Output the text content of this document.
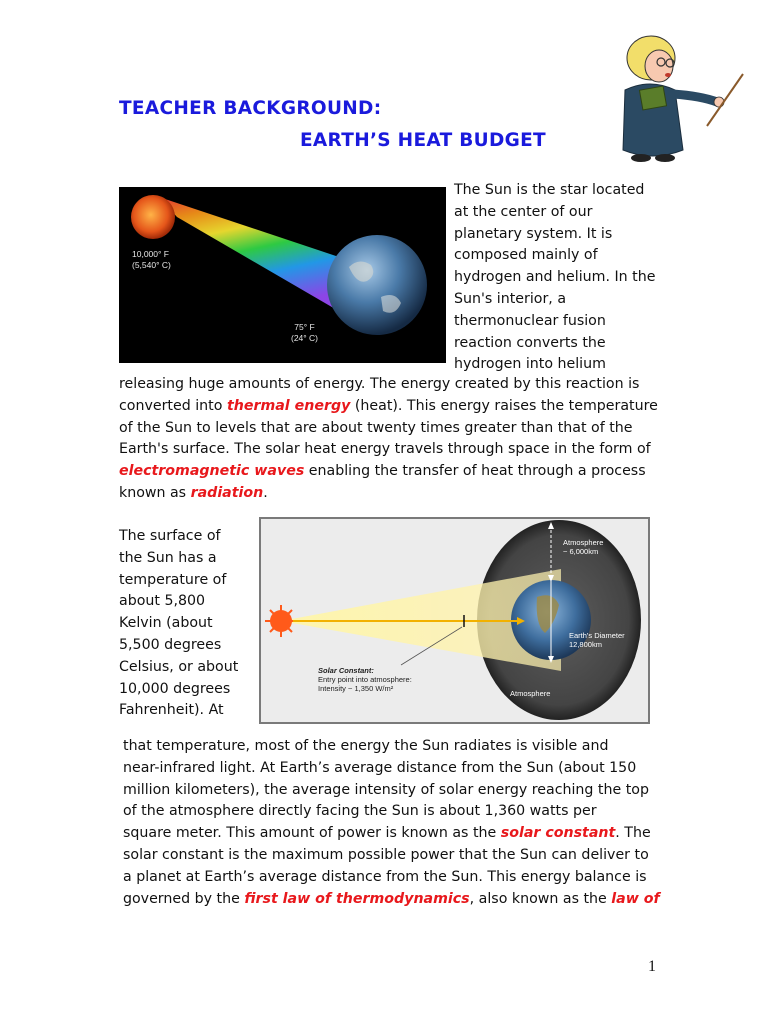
TEACHER BACKGROUND:
EARTH’S HEAT BUDGET
10,000° F
(5,540° C)
75° F
(24° C)
The Sun is the star located
at the center of our
planetary system. It is
composed mainly of
hydrogen and helium. In the
Sun's interior, a
thermonuclear fusion
reaction converts the
hydrogen into helium
releasing huge amounts of energy. The energy created by this reaction is
converted into thermal energy (heat). This energy raises the temperature
of the Sun to levels that are about twenty times greater than that of the
Earth's surface. The solar heat energy travels through space in the form of
electromagnetic waves enabling the transfer of heat through a process
known as radiation.
Atmosphere
~ 6,000km
Earth's Diameter
12,800km
Solar Constant:
Entry point into atmosphere:
Intensity ~ 1,350 W/m²
Atmosphere
The surface of
the Sun has a
temperature of
about 5,800
Kelvin (about
5,500 degrees
Celsius, or about
10,000 degrees
Fahrenheit). At
that temperature, most of the energy the Sun radiates is visible and
near-infrared light. At Earth’s average distance from the Sun (about 150
million kilometers), the average intensity of solar energy reaching the top
of the atmosphere directly facing the Sun is about 1,360 watts per
square meter. This amount of power is known as the solar constant. The
solar constant is the maximum possible power that the Sun can deliver to
a planet at Earth’s average distance from the Sun. This energy balance is
governed by the first law of thermodynamics, also known as the law of
1
